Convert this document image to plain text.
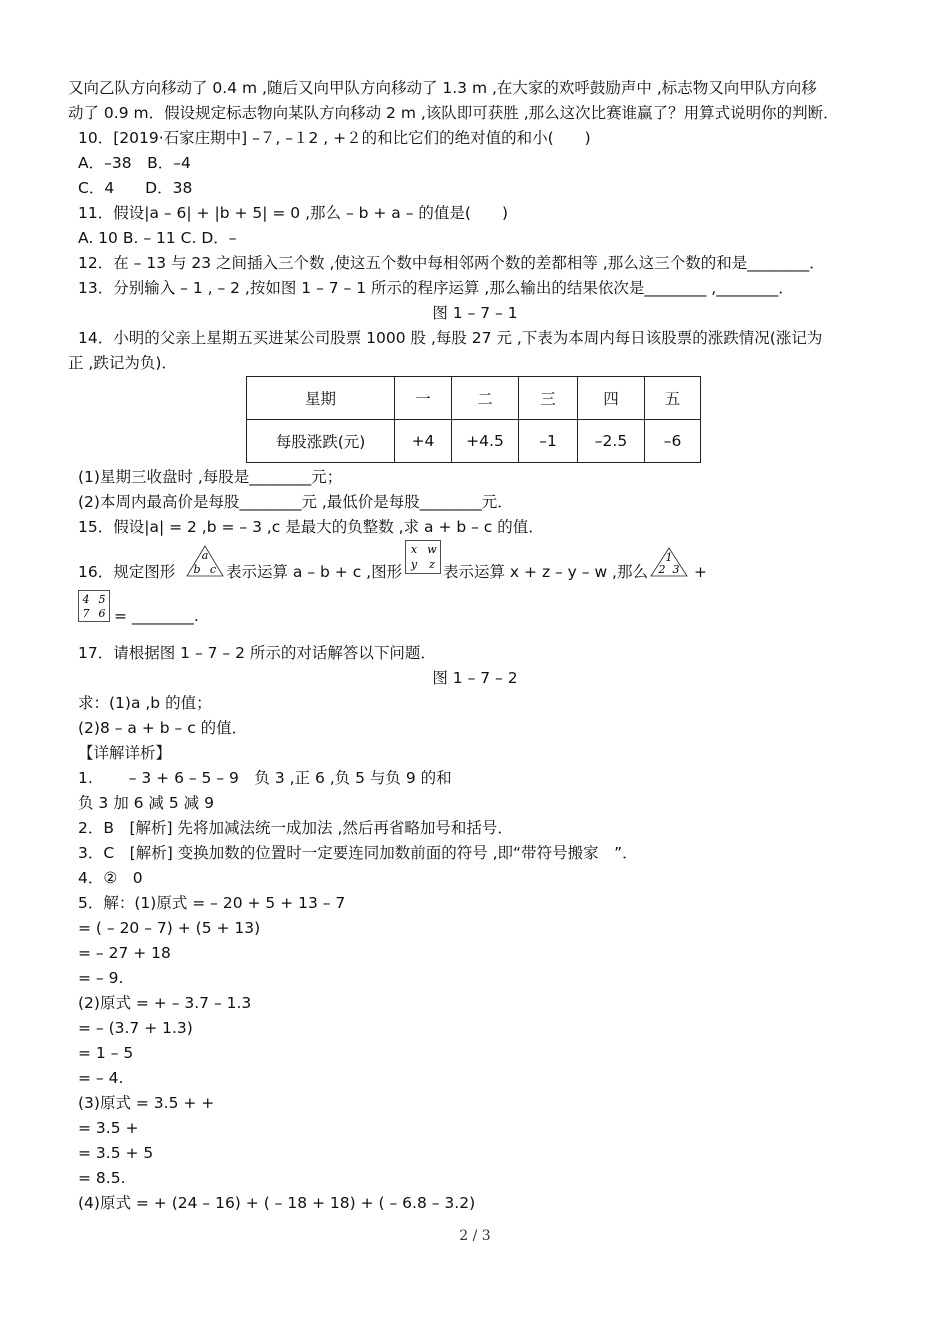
又向乙队方向移动了 0.4 m ,随后又向甲队方向移动了 1.3 m ,在大家的欢呼鼓励声中 ,标志物又向甲队方向移
动了 0.9 m．假设规定标志物向某队方向移动 2 m ,该队即可获胜 ,那么这次比赛谁赢了？用算式说明你的判断．
10．[2019·石家庄期中] –７, –１2 , +２的和比它们的绝对值的和小(　　)
A．–38　B．–4
C．4　　D．38
11．假设|a – 6| + |b + 5| = 0 ,那么 – b + a – 的值是(　　)
A. 10 B. – 11 C. D．–
12．在 – 13 与 23 之间插入三个数 ,使这五个数中每相邻两个数的差都相等 ,那么这三个数的和是________．
13．分别输入 – 1 , – 2 ,按如图 1 – 7 – 1 所示的程序运算 ,那么输出的结果依次是________ ,________．
图 1 – 7 – 1
14．小明的父亲上星期五买进某公司股票 1000 股 ,每股 27 元 ,下表为本周内每日该股票的涨跌情况(涨记为
正 ,跌记为负)．
星期	一	二	三	四	五
每股涨跌(元)	+4	+4.5	–1	–2.5	–6
(1)星期三收盘时 ,每股是________元；
(2)本周内最高价是每股________元 ,最低价是每股________元．
15．假设|a| = 2 ,b = – 3 ,c 是最大的负整数 ,求 a + b – c 的值．
16．规定图形
a
b c 表示运算 a – b + c ,图形
x w
y z 表示运算 x + z – y – w ,那么
1
2 3 +
4 5
7 6 = ________.
17．请根据图 1 – 7 – 2 所示的对话解答以下问题．
图 1 – 7 – 2
求：(1)a ,b 的值；
(2)8 – a + b – c 的值．
【详解详析】
1.　　 – 3 + 6 – 5 – 9　负 3 ,正 6 ,负 5 与负 9 的和
负 3 加 6 减 5 减 9
2．B　[解析] 先将加减法统一成加法 ,然后再省略加号和括号．
3．C　[解析] 变换加数的位置时一定要连同加数前面的符号 ,即“带符号搬家　”．
4．②　0
5．解：(1)原式 = – 20 + 5 + 13 – 7
= ( – 20 – 7) + (5 + 13)
= – 27 + 18
= – 9.
(2)原式 = + – 3.7 – 1.3
= – (3.7 + 1.3)
= 1 – 5
= – 4.
(3)原式 = 3.5 + +
= 3.5 +
= 3.5 + 5
= 8.5.
(4)原式 = + (24 – 16) + ( – 18 + 18) + ( – 6.8 – 3.2)
2 / 3
